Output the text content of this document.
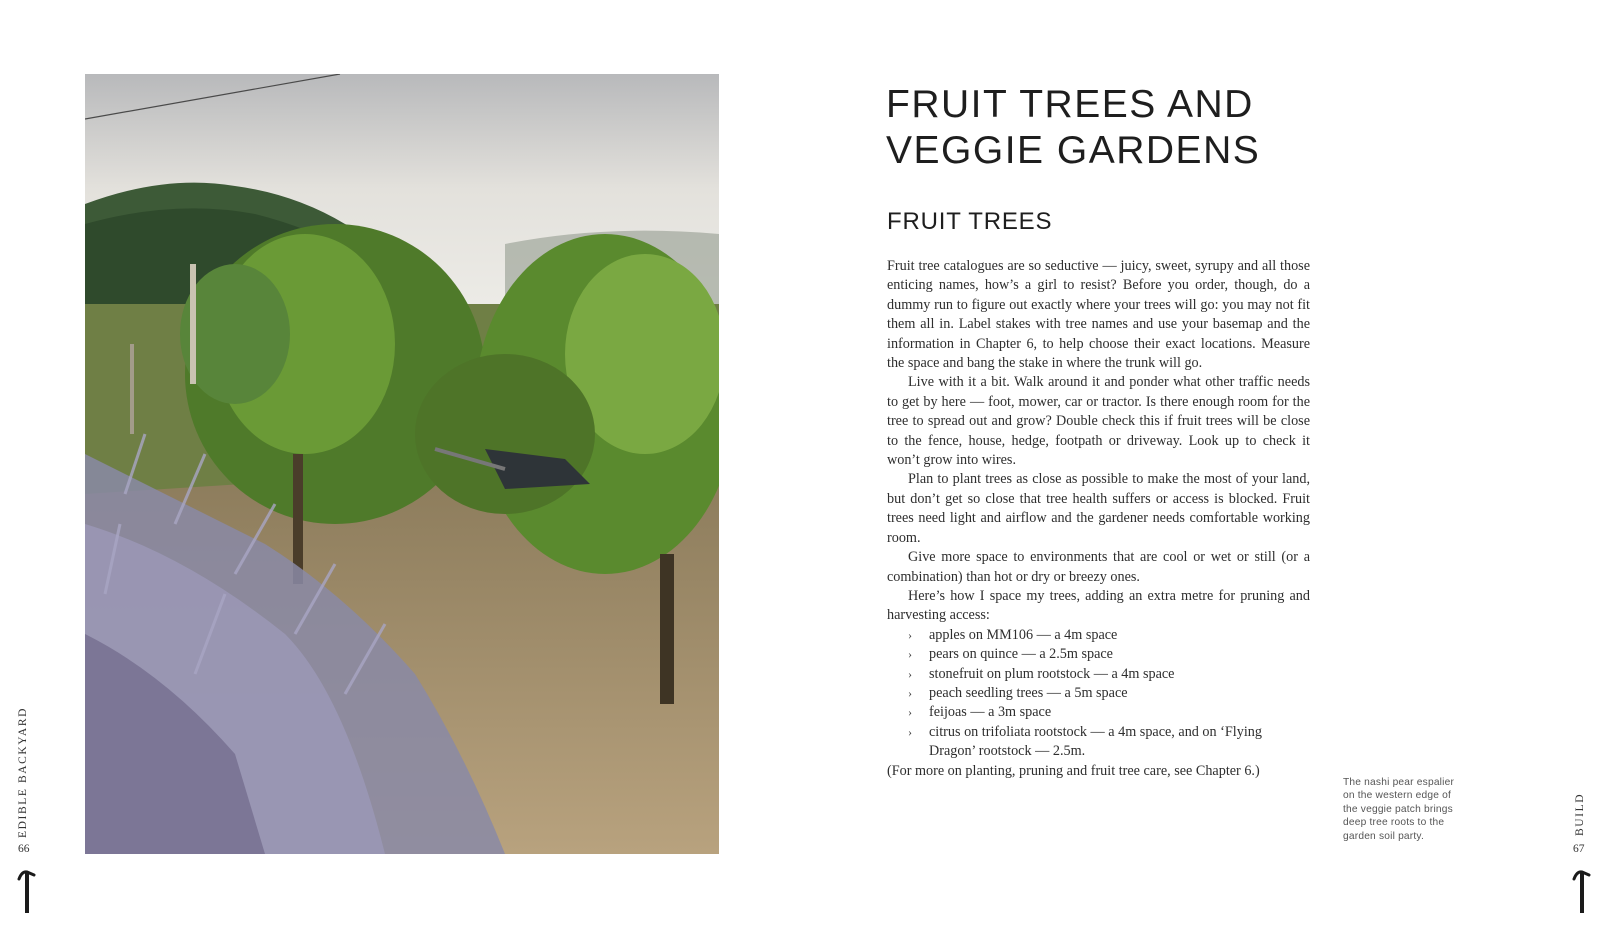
EDIBLE BACKYARD
66
FRUIT TREES AND
VEGGIE GARDENS
FRUIT TREES

Fruit tree catalogues are so seductive — juicy, sweet, syrupy and all those enticing names, how’s a girl to resist? Before you order, though, do a dummy run to figure out exactly where your trees will go: you may not fit them all in. Label stakes with tree names and use your basemap and the information in Chapter 6, to help choose their exact locations. Measure the space and bang the stake in where the trunk will go.

Live with it a bit. Walk around it and ponder what other traffic needs to get by here — foot, mower, car or tractor. Is there enough room for the tree to spread out and grow? Double check this if fruit trees will be close to the fence, house, hedge, footpath or driveway. Look up to check it won’t grow into wires.

Plan to plant trees as close as possible to make the most of your land, but don’t get so close that tree health suffers or access is blocked. Fruit trees need light and airflow and the gardener needs comfortable working room.

Give more space to environments that are cool or wet or still (or a combination) than hot or dry or breezy ones.

Here’s how I space my trees, adding an extra metre for pruning and harvesting access:

› apples on MM106 — a 4m space
› pears on quince — a 2.5m space
› stonefruit on plum rootstock — a 4m space
› peach seedling trees — a 5m space
› feijoas — a 3m space
› citrus on trifoliata rootstock — a 4m space, and on ‘Flying Dragon’ rootstock — 2.5m.

(For more on planting, pruning and fruit tree care, see Chapter 6.)

The nashi pear espalier on the western edge of the veggie patch brings deep tree roots to the garden soil party.
BUILD
67
